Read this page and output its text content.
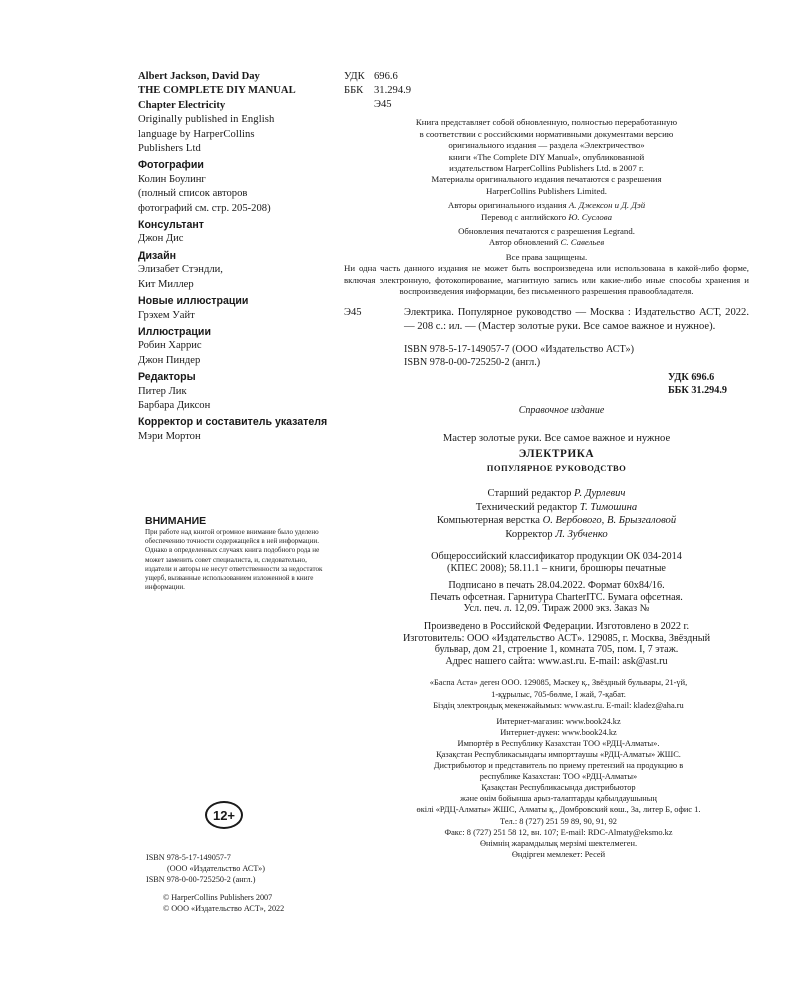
Albert Jackson, David Day
THE COMPLETE DIY MANUAL
Chapter Electricity
Originally published in English
language by HarperCollins
Publishers Ltd
Фотографии
Колин Боулинг
(полный список авторов
фотографий см. стр. 205-208)
Консультант
Джон Дис
Дизайн
Элизабет Стэндли,
Кит Миллер
Новые иллюстрации
Грэхем Уайт
Иллюстрации
Робин Харрис
Джон Пиндер
Редакторы
Питер Лик
Барбара Диксон
Корректор и составитель указателя
Мэри Мортон
ВНИМАНИЕ
При работе над книгой огромное внимание было уделено обеспечению точности содержащейся в ней информации. Однако в определенных случаях книга подобного рода не может заменить совет специалиста, и, следовательно, издатели и авторы не несут ответственности за недостаток ущерб, вызванные использованием изложенной в книге информации.
12+
ISBN 978-5-17-149057-7
(ООО «Издательство АСТ»)
ISBN 978-0-00-725250-2 (англ.)
© HarperCollins Publishers 2007
© ООО «Издательство АСТ», 2022
УДК 696.6
ББК	31.294.9
Э45
Книга представляет собой обновленную, полностью переработанную
в соответствии с российскими нормативными документами версию
оригинального издания — раздела «Электричество»
книги «The Complete DIY Manual», опубликованной
издательством HarperCollins Publishers Ltd. в 2007 г.
Материалы оригинального издания печатаются с разрешения
HarperCollins Publishers Limited.
Авторы оригинального издания А. Джексон и Д. Дэй
Перевод с английского Ю. Суслова
Обновления печатаются с разрешения Legrand.
Автор обновлений С. Савельев
Все права защищены.
Ни одна часть данного издания не может быть воспроизведена или использована в какой-либо форме, включая электронную, фотокопирование, магнитную запись или какие-либо иные способы хранения и воспроизведения информации, без письменного разрешения правообладателя.
Э45	Электрика. Популярное руководство — Москва : Издательство АСТ, 2022. — 208 с.: ил. — (Мастер золотые руки. Все самое важное и нужное).
ISBN 978-5-17-149057-7 (ООО «Издательство АСТ»)
ISBN 978-0-00-725250-2 (англ.)
УДК 696.6
ББК 31.294.9
Справочное издание
Мастер золотые руки. Все самое важное и нужное
ЭЛЕКТРИКА
ПОПУЛЯРНОЕ РУКОВОДСТВО
Старший редактор Р. Дурлевич
Технический редактор Т. Тимошина
Компьютерная верстка О. Вербового, В. Брызгаловой
Корректор Л. Зубченко
Общероссийский классификатор продукции ОК 034-2014
(КПЕС 2008); 58.11.1 – книги, брошюры печатные
Подписано в печать 28.04.2022. Формат 60x84/16.
Печать офсетная. Гарнитура CharterITC. Бумага офсетная.
Усл. печ. л. 12,09. Тираж 2000 экз. Заказ №
Произведено в Российской Федерации. Изготовлено в 2022 г.
Изготовитель: ООО «Издательство АСТ». 129085, г. Москва, Звёздный
бульвар, дом 21, строение 1, комната 705, пом. I, 7 этаж.
Адрес нашего сайта: www.ast.ru. E-mail: ask@ast.ru
«Баспа Аста» деген ООО. 129085, Мәскеу қ., Звёздный бульвары, 21-үй,
1-құрылыс, 705-бөлме, I жай, 7-қабат.
Біздің электрондық мекенжайымыз: www.ast.ru. E-mail: kladez@aha.ru
Интернет-магазин: www.book24.kz
Интернет-дүкен: www.book24.kz
Импортёр в Республику Казахстан ТОО «РДЦ-Алматы».
Қазақстан Республикасындағы импорттаушы «РДЦ-Алматы» ЖШС.
Дистрибьютор и представитель по приему претензий на продукцию в
республике Казахстан: ТОО «РДЦ-Алматы»
Қазақстан Республикасында дистрибьютор
және өнім бойынша арыз-талаптарды қабылдаушының
өкілі «РДЦ-Алматы» ЖШС, Алматы қ., Домбровский көш., 3а, литер Б, офис 1.
Тел.: 8 (727) 251 59 89, 90, 91, 92
Факс: 8 (727) 251 58 12, вн. 107; E-mail: RDC-Almaty@eksmo.kz
Өнімнің жарамдылық мерзімі шектелмеген.
Өндірген мемлекет: Ресей
